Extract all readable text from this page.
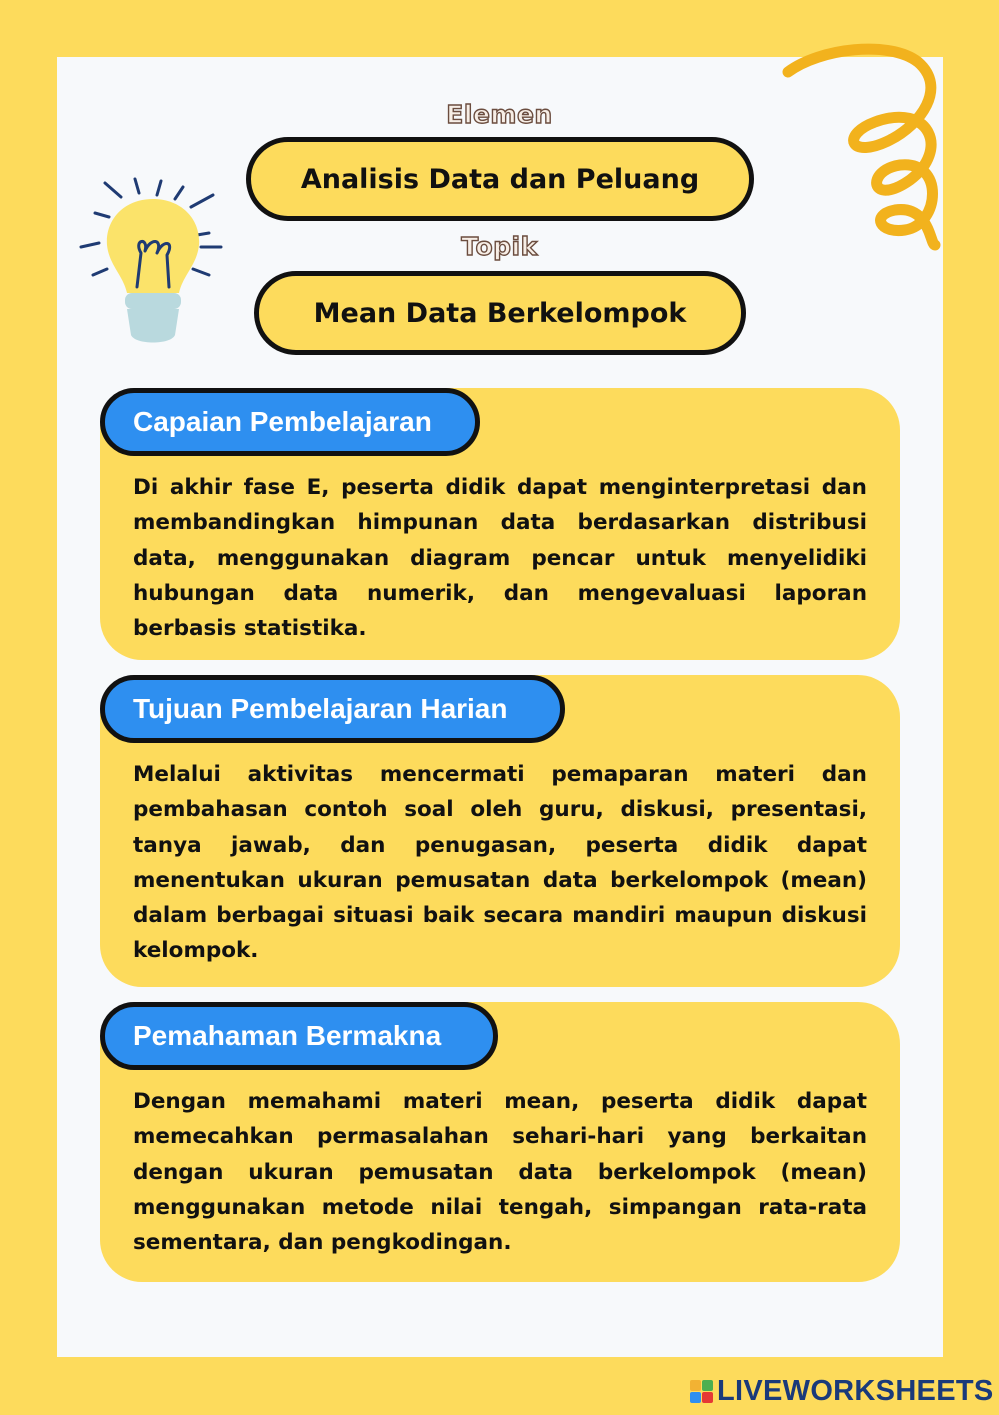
Elemen
Analisis Data dan Peluang
Topik
Mean Data Berkelompok
Capaian Pembelajaran
Di akhir fase E, peserta didik dapat menginterpretasi dan membandingkan himpunan data berdasarkan distribusi data, menggunakan diagram pencar untuk menyelidiki hubungan data numerik, dan mengevaluasi laporan berbasis statistika.
Tujuan Pembelajaran Harian
Melalui aktivitas mencermati pemaparan materi dan pembahasan contoh soal oleh guru, diskusi, presentasi, tanya jawab, dan penugasan, peserta didik dapat menentukan ukuran pemusatan data berkelompok (mean) dalam berbagai situasi baik secara mandiri maupun diskusi kelompok.
Pemahaman Bermakna
Dengan memahami materi mean, peserta didik dapat memecahkan permasalahan sehari-hari yang berkaitan dengan ukuran pemusatan data berkelompok (mean) menggunakan metode nilai tengah, simpangan rata-rata sementara, dan pengkodingan.
LIVEWORKSHEETS
